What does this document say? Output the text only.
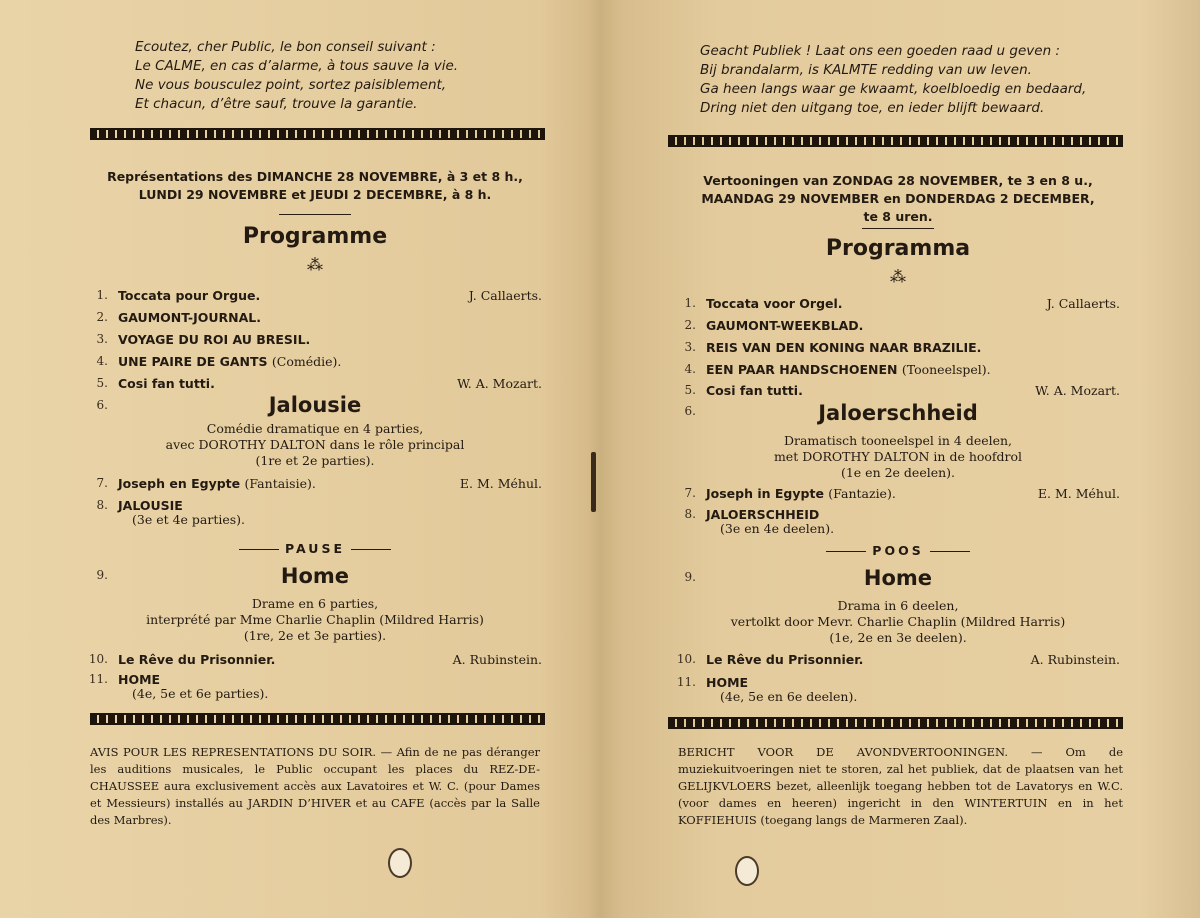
Ecoutez, cher Public, le bon conseil suivant :
Le CALME, en cas d’alarme, à tous sauve la vie.
Ne vous bousculez point, sortez paisiblement,
Et chacun, d’être sauf, trouve la garantie.
Représentations des DIMANCHE 28 NOVEMBRE, à 3 et 8 h.,
LUNDI 29 NOVEMBRE et JEUDI 2 DECEMBRE, à 8 h.
Programme
⁂
1. Toccata pour Orgue.	J. Callaerts.
2. GAUMONT-JOURNAL.
3. VOYAGE DU ROI AU BRESIL.
4. UNE PAIRE DE GANTS (Comédie).
5. Cosi fan tutti.	W. A. Mozart.
6.	Jalousie
Comédie dramatique en 4 parties,
avec DOROTHY DALTON dans le rôle principal
(1re et 2e parties).
7. Joseph en Egypte (Fantaisie).	E. M. Méhul.
8. JALOUSIE
(3e et 4e parties).
PAUSE
9.	Home
Drame en 6 parties,
interprété par Mme Charlie Chaplin (Mildred Harris)
(1re, 2e et 3e parties).
10. Le Rêve du Prisonnier.	A. Rubinstein.
11. HOME
(4e, 5e et 6e parties).
AVIS POUR LES REPRESENTATIONS DU SOIR. — Afin de ne pas déranger les auditions musicales, le Public occupant les places du REZ-DE-CHAUSSEE aura exclusivement accès aux Lavatoires et W. C. (pour Dames et Messieurs) installés au JARDIN D’HIVER et au CAFE (accès par la Salle des Marbres).
Geacht Publiek ! Laat ons een goeden raad u geven :
Bij brandalarm, is KALMTE redding van uw leven.
Ga heen langs waar ge kwaamt, koelbloedig en bedaard,
Dring niet den uitgang toe, en ieder blijft bewaard.
Vertooningen van ZONDAG 28 NOVEMBER, te 3 en 8 u.,
MAANDAG 29 NOVEMBER en DONDERDAG 2 DECEMBER,
te 8 uren.
Programma
⁂
1. Toccata voor Orgel.	J. Callaerts.
2. GAUMONT-WEEKBLAD.
3. REIS VAN DEN KONING NAAR BRAZILIE.
4. EEN PAAR HANDSCHOENEN (Tooneelspel).
5. Cosi fan tutti.	W. A. Mozart.
6.	Jaloerschheid
Dramatisch tooneelspel in 4 deelen,
met DOROTHY DALTON in de hoofdrol
(1e en 2e deelen).
7. Joseph in Egypte (Fantazie).	E. M. Méhul.
8. JALOERSCHHEID
(3e en 4e deelen).
POOS
9.	Home
Drama in 6 deelen,
vertolkt door Mevr. Charlie Chaplin (Mildred Harris)
(1e, 2e en 3e deelen).
10. Le Rêve du Prisonnier.	A. Rubinstein.
11. HOME
(4e, 5e en 6e deelen).
BERICHT VOOR DE AVONDVERTOONINGEN. — Om de muziekuitvoeringen niet te storen, zal het publiek, dat de plaatsen van het GELIJKVLOERS bezet, alleenlijk toegang hebben tot de Lavatorys en W.C. (voor dames en heeren) ingericht in den WINTERTUIN en in het KOFFIEHUIS (toegang langs de Marmeren Zaal).
